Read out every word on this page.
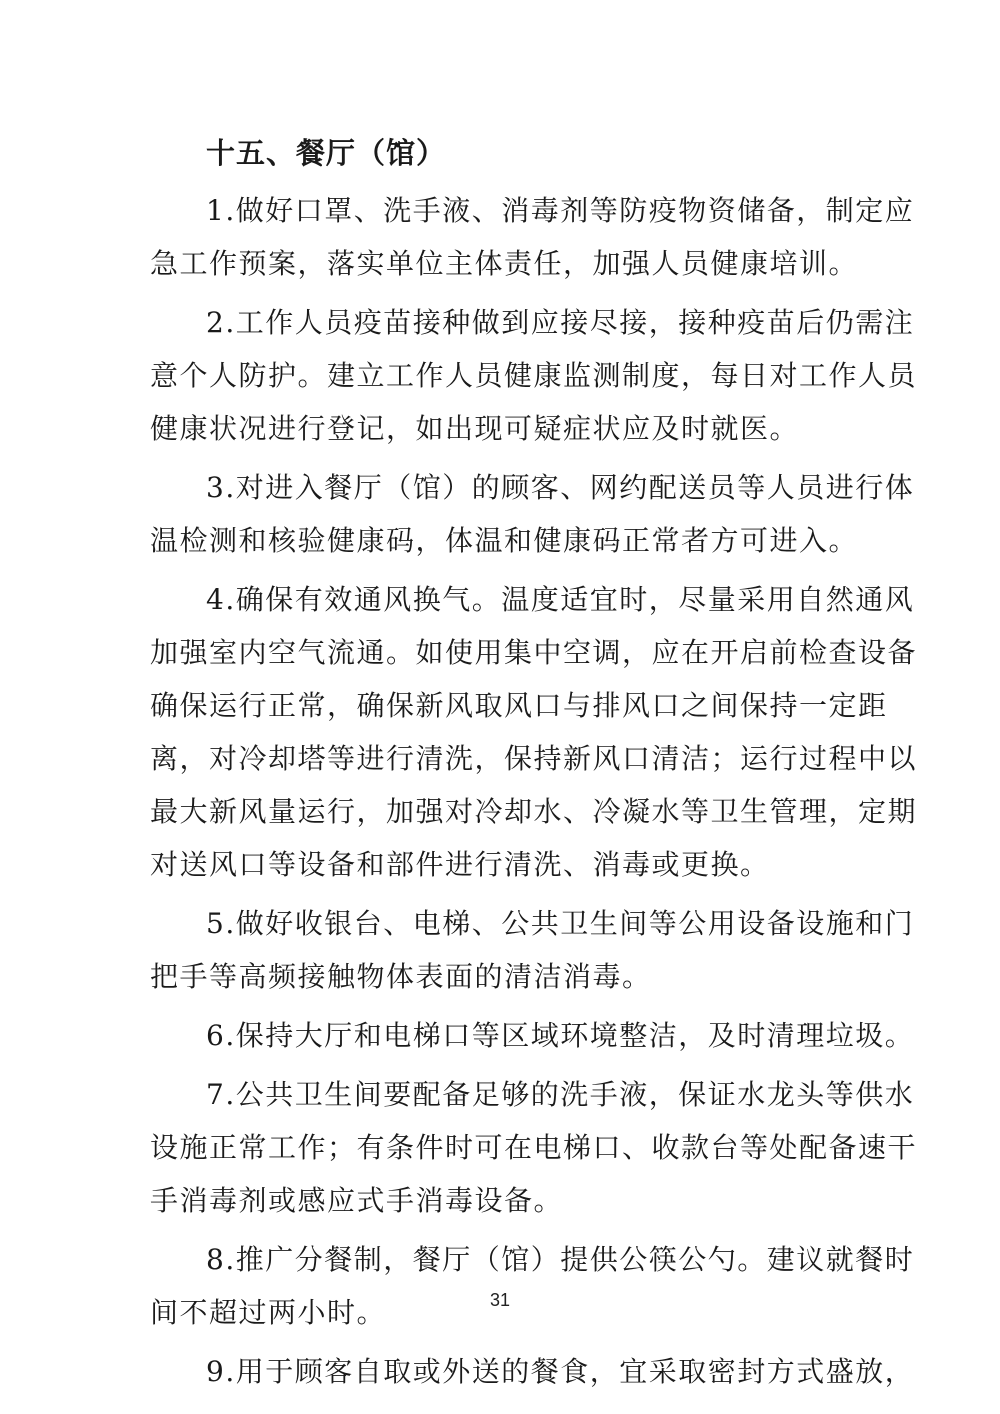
十五、餐厅（馆）
1.做好口罩、洗手液、消毒剂等防疫物资储备，制定应
急工作预案，落实单位主体责任，加强人员健康培训。
2.工作人员疫苗接种做到应接尽接，接种疫苗后仍需注
意个人防护。建立工作人员健康监测制度，每日对工作人员
健康状况进行登记，如出现可疑症状应及时就医。
3.对进入餐厅（馆）的顾客、网约配送员等人员进行体
温检测和核验健康码，体温和健康码正常者方可进入。
4.确保有效通风换气。温度适宜时，尽量采用自然通风
加强室内空气流通。如使用集中空调，应在开启前检查设备
确保运行正常，确保新风取风口与排风口之间保持一定距
离，对冷却塔等进行清洗，保持新风口清洁；运行过程中以
最大新风量运行，加强对冷却水、冷凝水等卫生管理，定期
对送风口等设备和部件进行清洗、消毒或更换。
5.做好收银台、电梯、公共卫生间等公用设备设施和门
把手等高频接触物体表面的清洁消毒。
6.保持大厅和电梯口等区域环境整洁，及时清理垃圾。
7.公共卫生间要配备足够的洗手液，保证水龙头等供水
设施正常工作；有条件时可在电梯口、收款台等处配备速干
手消毒剂或感应式手消毒设备。
8.推广分餐制，餐厅（馆）提供公筷公勺。建议就餐时
间不超过两小时。
9.用于顾客自取或外送的餐食，宜采取密封方式盛放，
31
